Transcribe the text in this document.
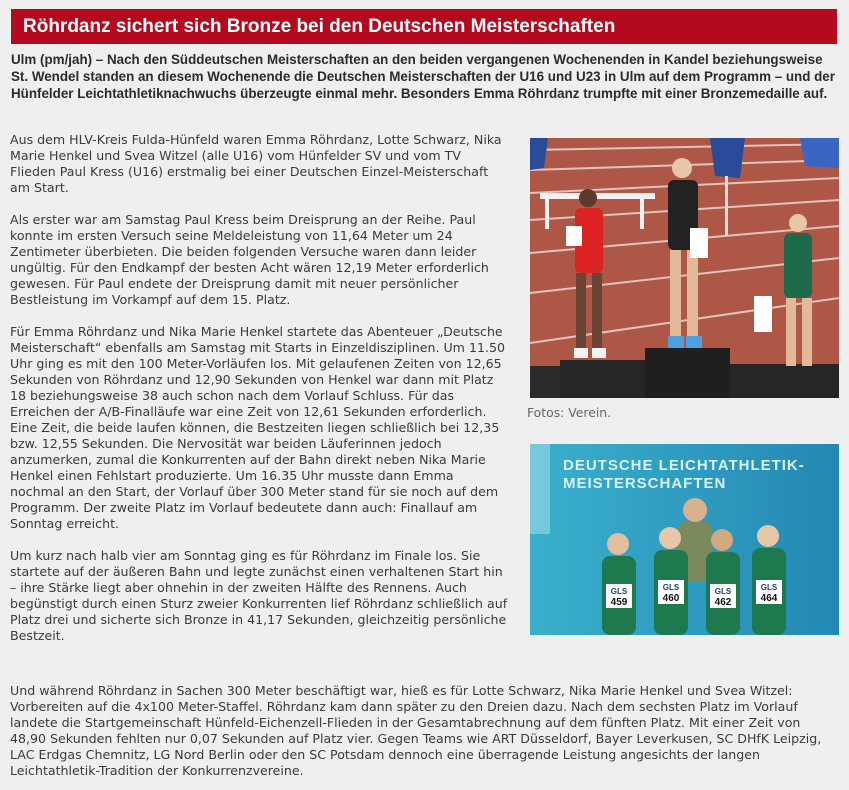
Röhrdanz sichert sich Bronze bei den Deutschen Meisterschaften

Ulm (pm/jah) – Nach den Süddeutschen Meisterschaften an den beiden vergangenen Wochenenden in Kandel beziehungsweise St. Wendel standen an diesem Wochenende die Deutschen Meisterschaften der U16 und U23 in Ulm auf dem Programm – und der Hünfelder Leichtathletiknachwuchs überzeugte einmal mehr. Besonders Emma Röhrdanz trumpfte mit einer Bronzemedaille auf.

Aus dem HLV-Kreis Fulda-Hünfeld waren Emma Röhrdanz, Lotte Schwarz, Nika Marie Henkel und Svea Witzel (alle U16) vom Hünfelder SV und vom TV Flieden Paul Kress (U16) erstmalig bei einer Deutschen Einzel-Meisterschaft am Start.

Als erster war am Samstag Paul Kress beim Dreisprung an der Reihe. Paul konnte im ersten Versuch seine Meldeleistung von 11,64 Meter um 24 Zentimeter überbieten. Die beiden folgenden Versuche waren dann leider ungültig. Für den Endkampf der besten Acht wären 12,19 Meter erforderlich gewesen. Für Paul endete der Dreisprung damit mit neuer persönlicher Bestleistung im Vorkampf auf dem 15. Platz.

Für Emma Röhrdanz und Nika Marie Henkel startete das Abenteuer „Deutsche Meisterschaft“ ebenfalls am Samstag mit Starts in Einzeldisziplinen. Um 11.50 Uhr ging es mit den 100 Meter-Vorläufen los. Mit gelaufenen Zeiten von 12,65 Sekunden von Röhrdanz und 12,90 Sekunden von Henkel war dann mit Platz 18 beziehungsweise 38 auch schon nach dem Vorlauf Schluss. Für das Erreichen der A/B-Finalläufe war eine Zeit von 12,61 Sekunden erforderlich. Eine Zeit, die beide laufen können, die Bestzeiten liegen schließlich bei 12,35 bzw. 12,55 Sekunden. Die Nervosität war beiden Läuferinnen jedoch anzumerken, zumal die Konkurrenten auf der Bahn direkt neben Nika Marie Henkel einen Fehlstart produzierte. Um 16.35 Uhr musste dann Emma nochmal an den Start, der Vorlauf über 300 Meter stand für sie noch auf dem Programm. Der zweite Platz im Vorlauf bedeutete dann auch: Finallauf am Sonntag erreicht.

Um kurz nach halb vier am Sonntag ging es für Röhrdanz im Finale los. Sie startete auf der äußeren Bahn und legte zunächst einen verhaltenen Start hin – ihre Stärke liegt aber ohnehin in der zweiten Hälfte des Rennens. Auch begünstigt durch einen Sturz zweier Konkurrenten lief Röhrdanz schließlich auf Platz drei und sicherte sich Bronze in 41,17 Sekunden, gleichzeitig persönliche Bestzeit.

Fotos: Verein.
DEUTSCHE LEICHTATHLETIK-
MEISTERSCHAFTEN
GLS
459
GLS
460
GLS
462
GLS
464

Und während Röhrdanz in Sachen 300 Meter beschäftigt war, hieß es für Lotte Schwarz, Nika Marie Henkel und Svea Witzel: Vorbereiten auf die 4x100 Meter-Staffel. Röhrdanz kam dann später zu den Dreien dazu. Nach dem sechsten Platz im Vorlauf landete die Startgemeinschaft Hünfeld-Eichenzell-Flieden in der Gesamtabrechnung auf dem fünften Platz. Mit einer Zeit von 48,90 Sekunden fehlten nur 0,07 Sekunden auf Platz vier. Gegen Teams wie ART Düsseldorf, Bayer Leverkusen, SC DHfK Leipzig, LAC Erdgas Chemnitz, LG Nord Berlin oder den SC Potsdam dennoch eine überragende Leistung angesichts der langen Leichtathletik-Tradition der Konkurrenzvereine.
